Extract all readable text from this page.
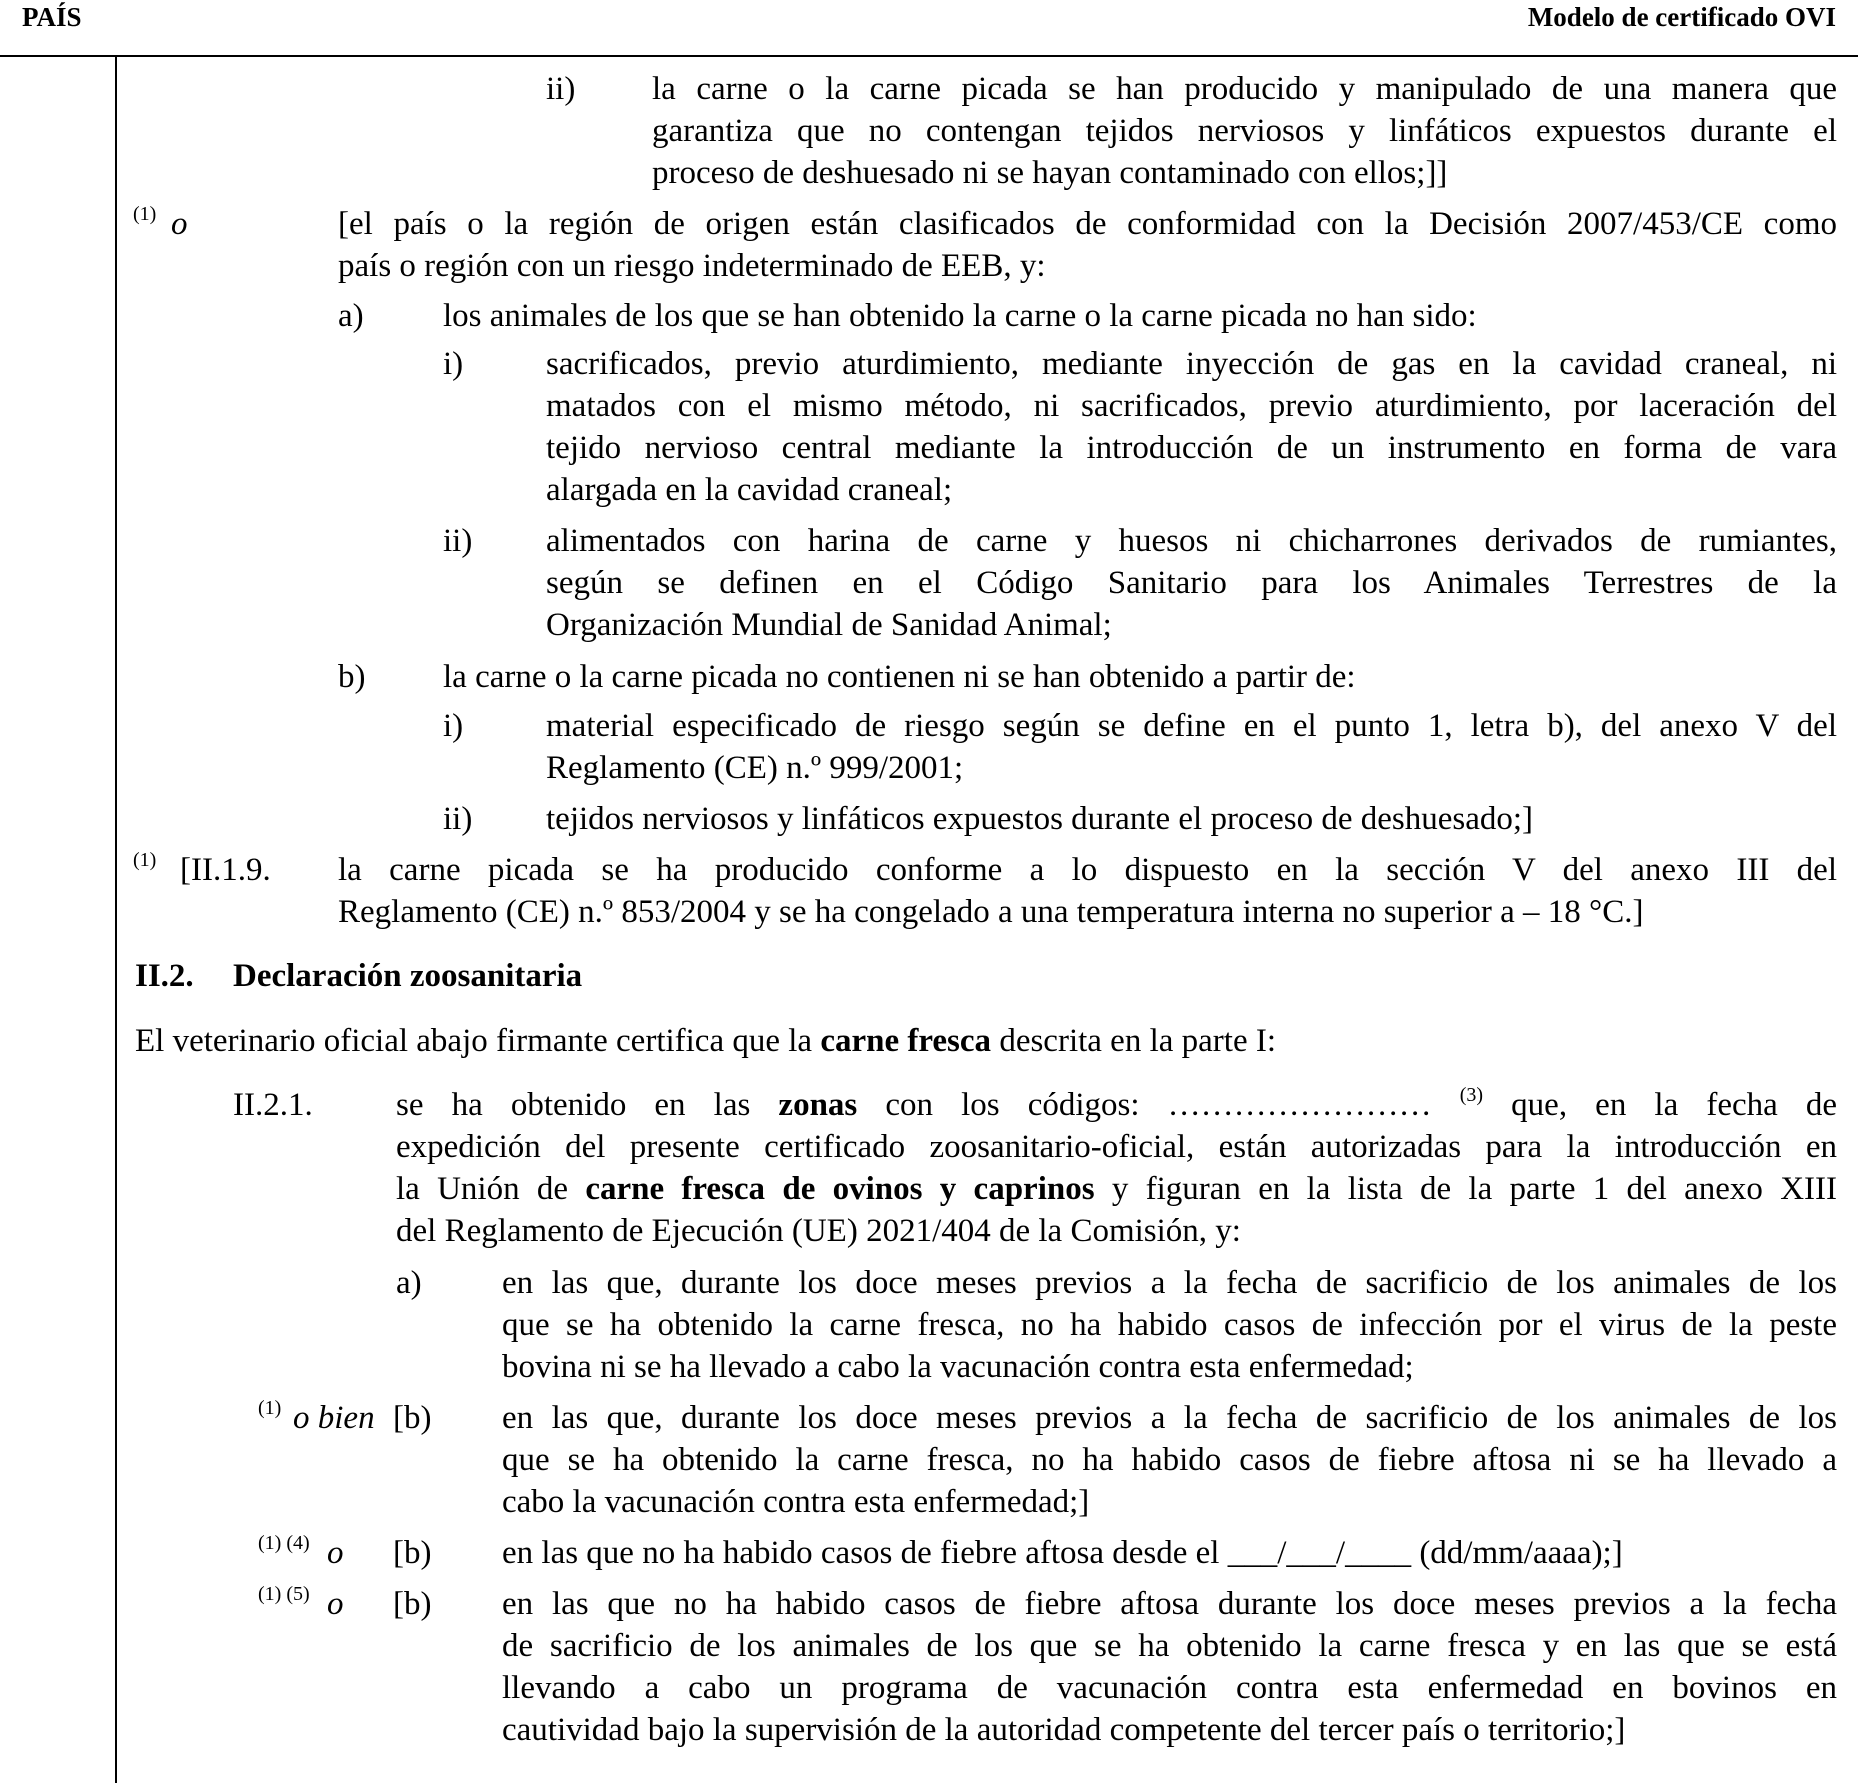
PAÍS	Modelo de certificado OVI
ii) la carne o la carne picada se han producido y manipulado de una manera que
garantiza que no contengan tejidos nerviosos y linfáticos expuestos durante el
proceso de deshuesado ni se hayan contaminado con ellos;]]
$^{(1)}$ o	[el país o la región de origen están clasificados de conformidad con la Decisión 2007/453/CE como
país o región con un riesgo indeterminado de EEB, y:
a) los animales de los que se han obtenido la carne o la carne picada no han sido:
i)	sacrificados, previo aturdimiento, mediante inyección de gas en la cavidad craneal, ni
matados con el mismo método, ni sacrificados, previo aturdimiento, por laceración del
tejido nervioso central mediante la introducción de un instrumento en forma de vara
alargada en la cavidad craneal;
ii) alimentados con harina de carne y huesos ni chicharrones derivados de rumiantes,
según se definen en el Código Sanitario para los Animales Terrestres de la
Organización Mundial de Sanidad Animal;
b) la carne o la carne picada no contienen ni se han obtenido a partir de:
i)	material especificado de riesgo según se define en el punto 1, letra b), del anexo V del
Reglamento (CE) n.º 999/2001;
ii) tejidos nerviosos y linfáticos expuestos durante el proceso de deshuesado;]
$^{(1)}$ [II.1.9. la carne picada se ha producido conforme a lo dispuesto en la sección V del anexo III del
Reglamento (CE) n.º 853/2004 y se ha congelado a una temperatura interna no superior a – 18 °C.]
II.2. Declaración zoosanitaria
El veterinario oficial abajo firmante certifica que la carne fresca descrita en la parte I:
II.2.1.	se ha obtenido en las zonas con los códigos: …………………… $^{(3)}$ que, en la fecha de
expedición del presente certificado zoosanitario-oficial, están autorizadas para la introducción en
la Unión de carne fresca de ovinos y caprinos y figuran en la lista de la parte 1 del anexo XIII
del Reglamento de Ejecución (UE) 2021/404 de la Comisión, y:
a) en las que, durante los doce meses previos a la fecha de sacrificio de los animales de los
que se ha obtenido la carne fresca, no ha habido casos de infección por el virus de la peste
bovina ni se ha llevado a cabo la vacunación contra esta enfermedad;
$^{(1)}$ o bien [b) en las que, durante los doce meses previos a la fecha de sacrificio de los animales de los
que se ha obtenido la carne fresca, no ha habido casos de fiebre aftosa ni se ha llevado a
cabo la vacunación contra esta enfermedad;]
$^{(1) (4)}$ o [b) en las que no ha habido casos de fiebre aftosa desde el ___/___/____ (dd/mm/aaaa);]
$^{(1) (5)}$ o [b) en las que no ha habido casos de fiebre aftosa durante los doce meses previos a la fecha
de sacrificio de los animales de los que se ha obtenido la carne fresca y en las que se está
llevando a cabo un programa de vacunación contra esta enfermedad en bovinos en
cautividad bajo la supervisión de la autoridad competente del tercer país o territorio;]
